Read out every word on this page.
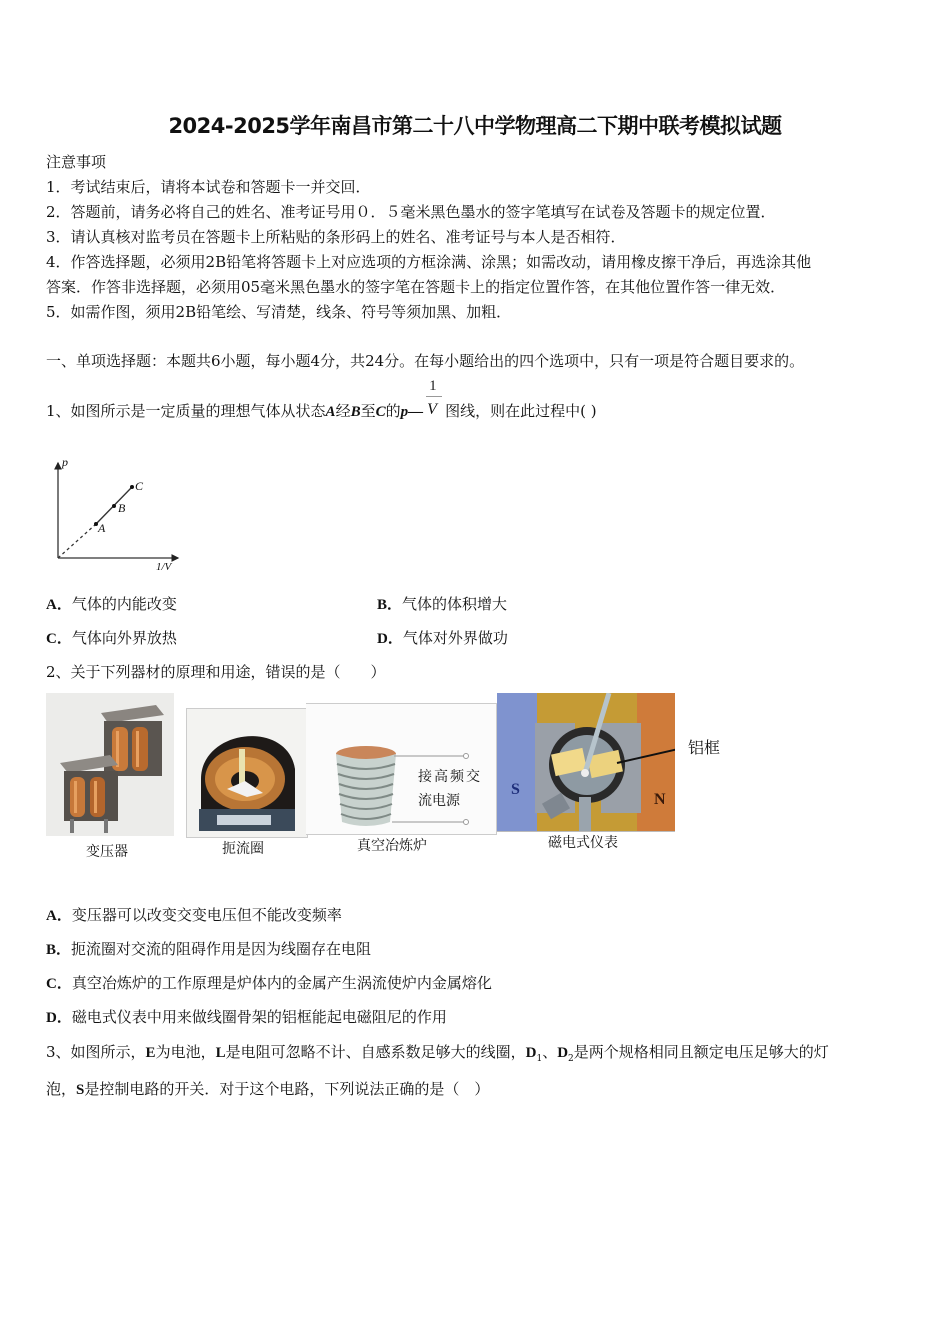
2024-2025学年南昌市第二十八中学物理高二下期中联考模拟试题
注意事项
1．考试结束后，请将本试卷和答题卡一并交回．
2．答题前，请务必将自己的姓名、准考证号用０．５毫米黑色墨水的签字笔填写在试卷及答题卡的规定位置．
3．请认真核对监考员在答题卡上所粘贴的条形码上的姓名、准考证号与本人是否相符．
4．作答选择题，必须用2B铅笔将答题卡上对应选项的方框涂满、涂黑；如需改动，请用橡皮擦干净后，再选涂其他
答案．作答非选择题，必须用05毫米黑色墨水的签字笔在答题卡上的指定位置作答，在其他位置作答一律无效．
5．如需作图，须用2B铅笔绘、写清楚，线条、符号等须加黑、加粗．
一、单项选择题：本题共6小题，每小题4分，共24分。在每小题给出的四个选项中，只有一项是符合题目要求的。
1、如图所示是一定质量的理想气体从状态A经B至C的p— $\frac{1}{V}$ 图线，则在此过程中( )
p
1/V
A
B
C
A．气体的内能改变	B．气体的体积增大
C．气体向外界放热	D．气体对外界做功
2、关于下列器材的原理和用途，错误的是（　　）
变压器	扼流圈
接高频交
流电源
真空冶炼炉
S
N
铝框
磁电式仪表
A．变压器可以改变交变电压但不能改变频率
B．扼流圈对交流的阻碍作用是因为线圈存在电阻
C．真空冶炼炉的工作原理是炉体内的金属产生涡流使炉内金属熔化
D．磁电式仪表中用来做线圈骨架的铝框能起电磁阻尼的作用
3、如图所示，E为电池，L是电阻可忽略不计、自感系数足够大的线圈，$D_1$、$D_2$是两个规格相同且额定电压足够大的灯
泡，S是控制电路的开关．对于这个电路，下列说法正确的是（　）
